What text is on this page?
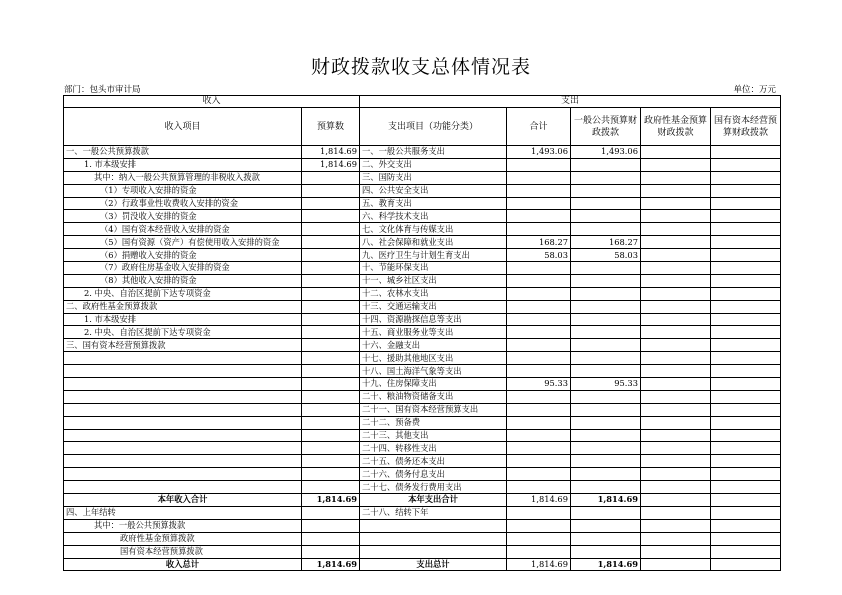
财政拨款收支总体情况表
部门：包头市审计局	单位：万元
收入		支出				
收入项目	预算数	支出项目（功能分类）	合计	一般公共预算财政拨款	政府性基金预算财政拨款	国有资本经营预算财政拨款
一、一般公共预算拨款	1,814.69	一、一般公共服务支出	1,493.06	1,493.06		
1. 市本级安排	1,814.69	二、外交支出				
其中：纳入一般公共预算管理的非税收入拨款		三、国防支出				
（1）专项收入安排的资金		四、公共安全支出				
（2）行政事业性收费收入安排的资金		五、教育支出				
（3）罚没收入安排的资金		六、科学技术支出				
（4）国有资本经营收入安排的资金		七、文化体育与传媒支出				
（5）国有资源（资产）有偿使用收入安排的资金		八、社会保障和就业支出	168.27	168.27		
（6）捐赠收入安排的资金		九、医疗卫生与计划生育支出	58.03	58.03		
（7）政府住房基金收入安排的资金		十、节能环保支出				
（8）其他收入安排的资金		十一、城乡社区支出				
2. 中央、自治区提前下达专项资金		十二、农林水支出				
二、政府性基金预算拨款		十三、交通运输支出				
1. 市本级安排		十四、资源勘探信息等支出				
2. 中央、自治区提前下达专项资金		十五、商业服务业等支出				
三、国有资本经营预算拨款		十六、金融支出				
		十七、援助其他地区支出				
		十八、国土海洋气象等支出				
		十九、住房保障支出	95.33	95.33		
		二十、粮油物资储备支出				
		二十一、国有资本经营预算支出				
		二十二、预备费				
		二十三、其他支出				
		二十四、转移性支出				
		二十五、债务还本支出				
		二十六、债务付息支出				
		二十七、债务发行费用支出				
本年收入合计	1,814.69	本年支出合计	1,814.69	1,814.69		
四、上年结转		二十八、结转下年				
其中：一般公共预算拨款						
政府性基金预算拨款						
国有资本经营预算拨款						
收入总计	1,814.69	支出总计	1,814.69	1,814.69		
